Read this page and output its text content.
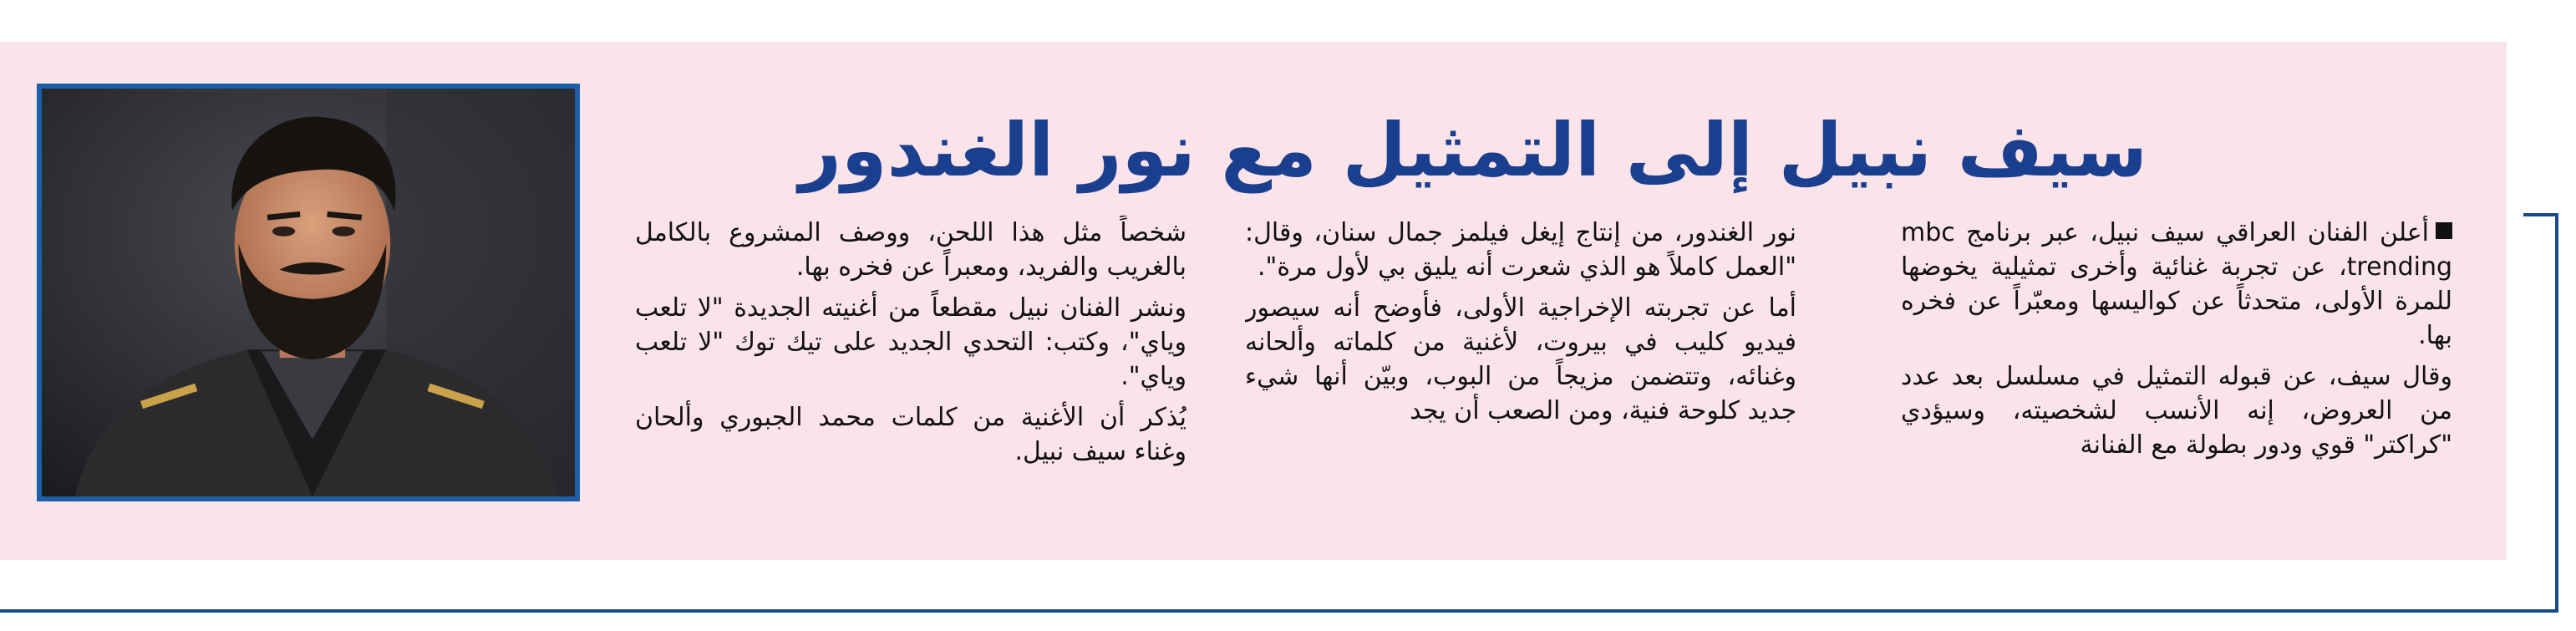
سيف نبيل إلى التمثيل مع نور الغندور

أعلن الفنان العراقي سيف نبيل، عبر برنامج mbc trending، عن تجربة غنائية وأخرى تمثيلية يخوضها للمرة الأولى، متحدثاً عن كواليسها ومعبّراً عن فخره بها.

وقال سيف، عن قبوله التمثيل في مسلسل بعد عدد من العروض، إنه الأنسب لشخصيته، وسيؤدي "كراكتر" قوي ودور بطولة مع الفنانة

نور الغندور، من إنتاج إيغل فيلمز جمال سنان، وقال: "العمل كاملاً هو الذي شعرت أنه يليق بي لأول مرة".

أما عن تجربته الإخراجية الأولى، فأوضح أنه سيصور فيديو كليب في بيروت، لأغنية من كلماته وألحانه وغنائه، وتتضمن مزيجاً من البوب، وبيّن أنها شيء جديد كلوحة فنية، ومن الصعب أن يجد

شخصاً مثل هذا اللحن، ووصف المشروع بالكامل بالغريب والفريد، ومعبراً عن فخره بها.

ونشر الفنان نبيل مقطعاً من أغنيته الجديدة "لا تلعب وياي"، وكتب: التحدي الجديد على تيك توك "لا تلعب وياي".

يُذكر أن الأغنية من كلمات محمد الجبوري وألحان وغناء سيف نبيل.
